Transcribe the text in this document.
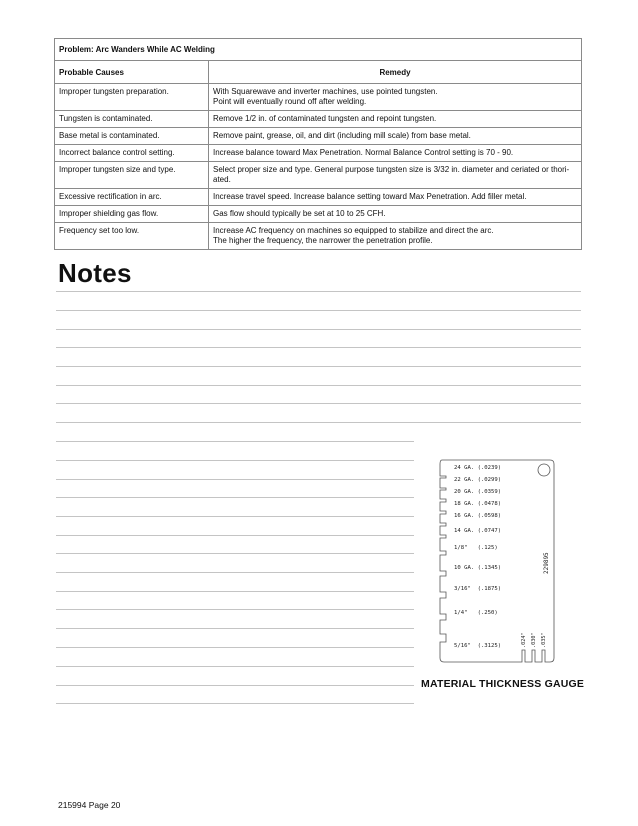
Problem: Arc Wanders While AC Welding	
Probable Causes	Remedy
Improper tungsten preparation.	With Squarewave and inverter machines, use pointed tungsten.
Point will eventually round off after welding.

Tungsten is contaminated.	Remove 1/2 in. of contaminated tungsten and repoint tungsten.
Base metal is contaminated.	Remove paint, grease, oil, and dirt (including mill scale) from base metal.
Incorrect balance control setting.	Increase balance toward Max Penetration. Normal Balance Control setting is 70 - 90.
Improper tungsten size and type.	Select proper size and type. General purpose tungsten size is 3/32 in. diameter and ceriated or thori-
ated.

Excessive rectification in arc.	Increase travel speed. Increase balance setting toward Max Penetration. Add filler metal.
Improper shielding gas flow.	Gas flow should typically be set at 10 to 25 CFH.
Frequency set too low.	Increase AC frequency on machines so equipped to stabilize and direct the arc.
The higher the frequency, the narrower the penetration profile.
Notes
24 GA. (.0239)
22 GA. (.0299)
20 GA. (.0359)
18 GA. (.0478)
16 GA. (.0598)
14 GA. (.0747)
1/8"   (.125)
10 GA. (.1345)
3/16"  (.1875)
1/4"   (.250)
5/16"  (.3125)
229895
.024" .030" .035"

MATERIAL THICKNESS GAUGE

215994 Page 20
